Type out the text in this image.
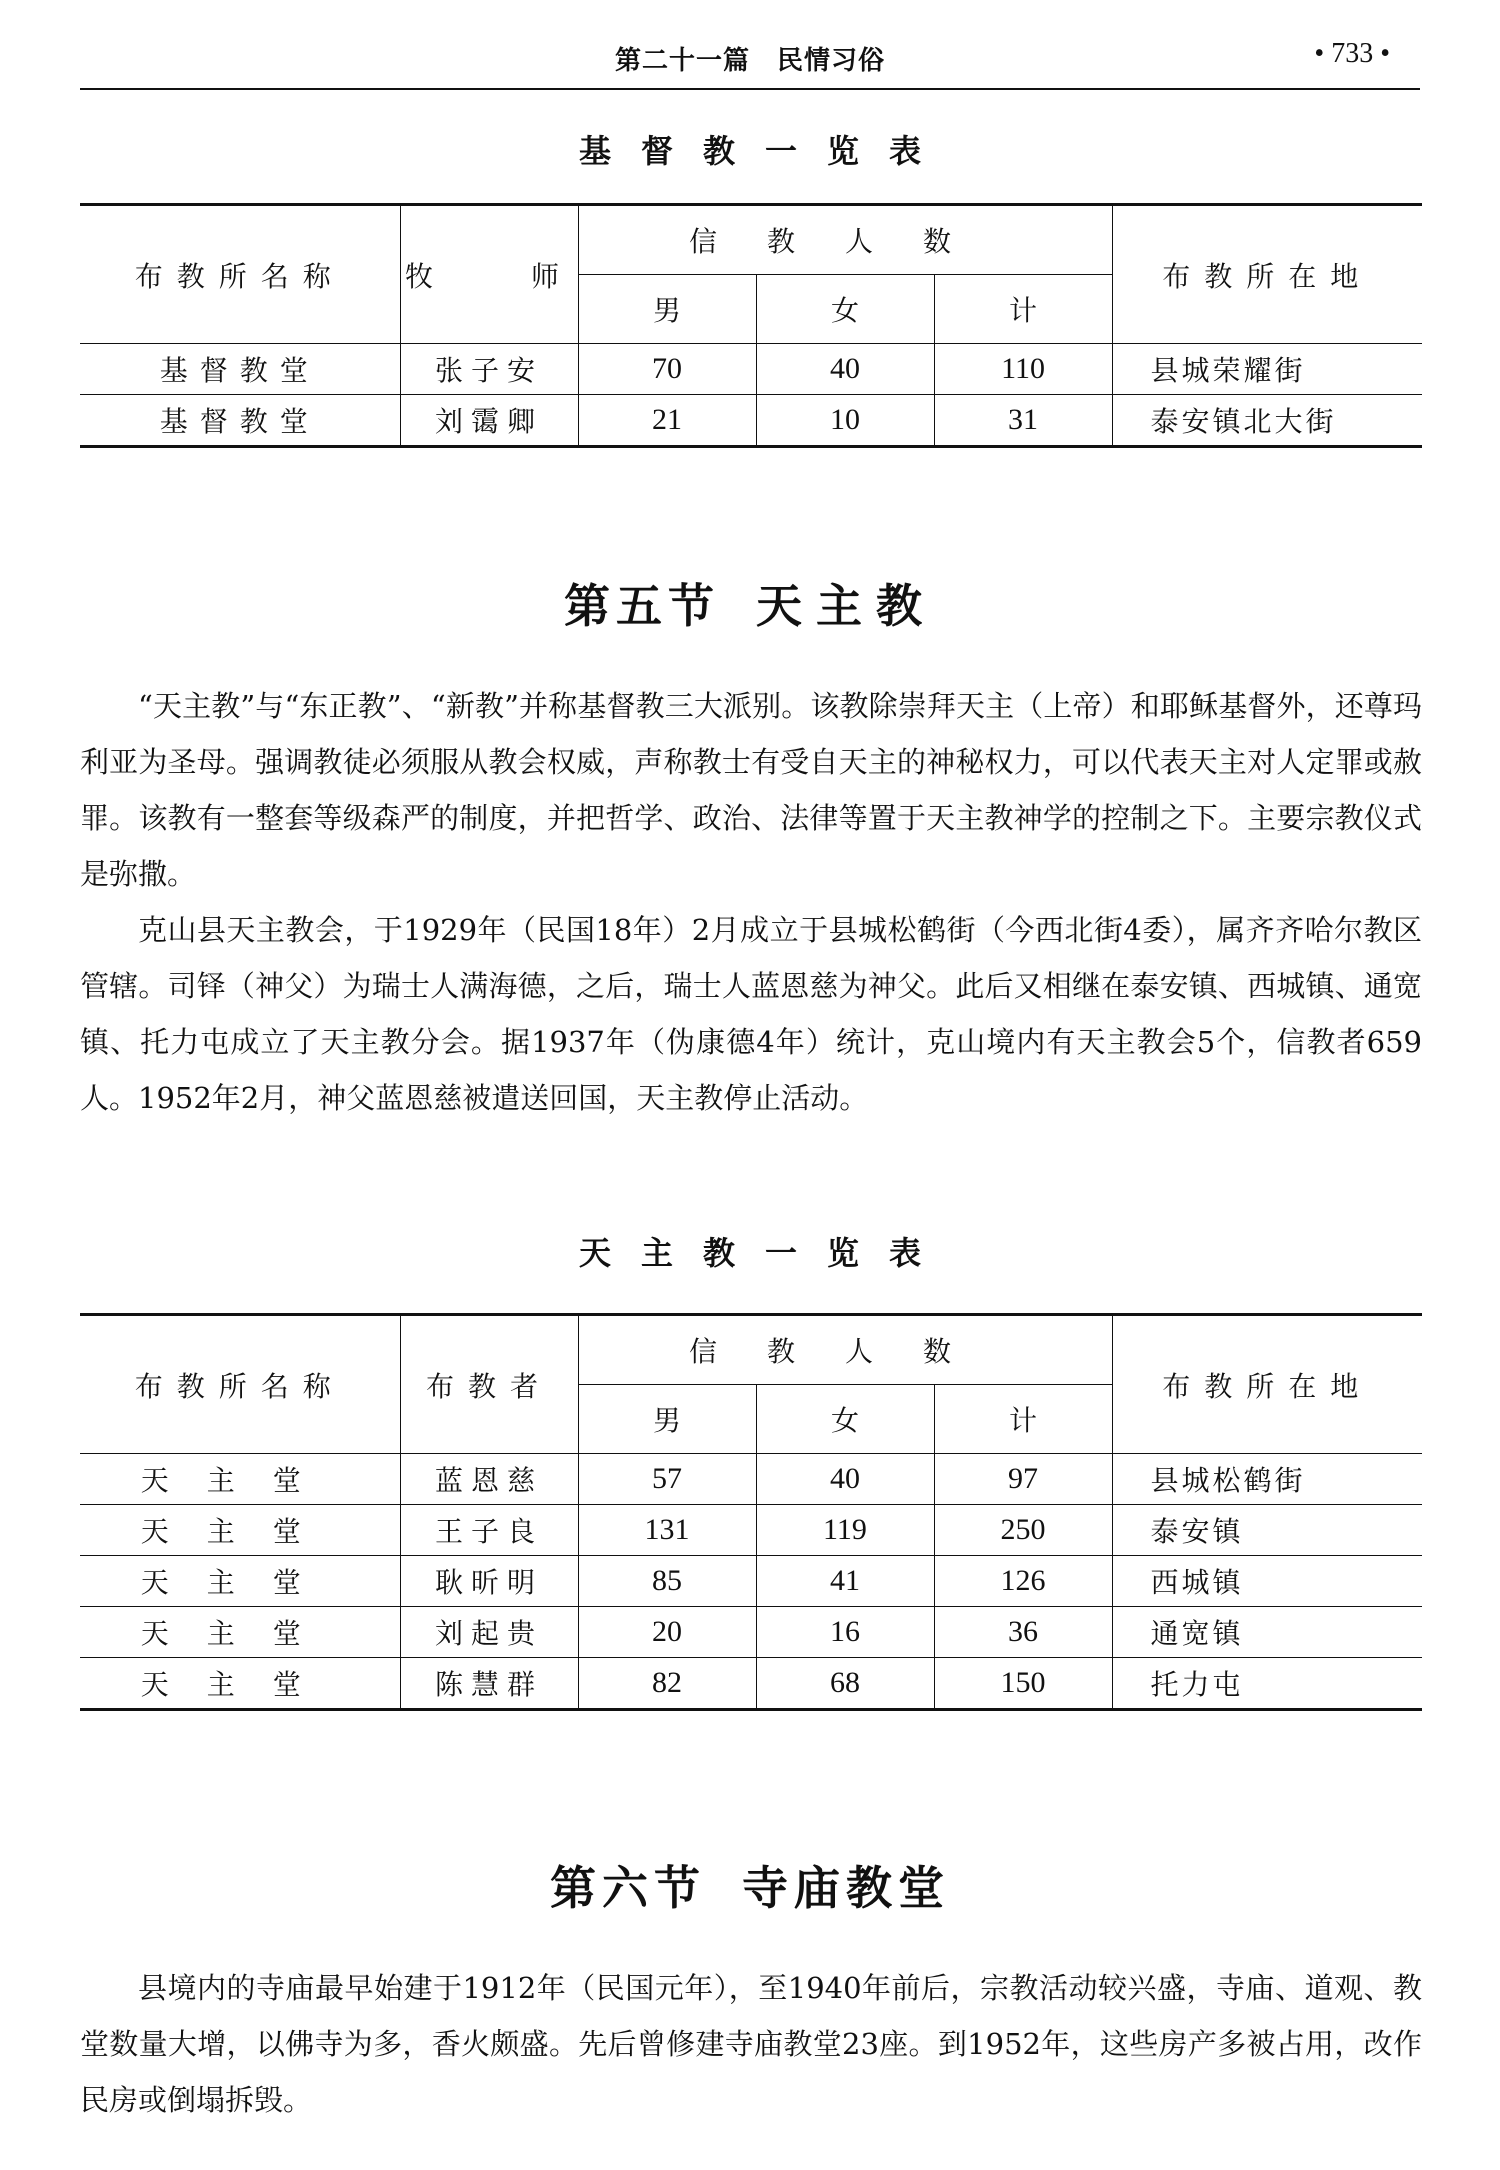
第二十一篇　民情习俗	• 733 •
基督教一览表
布教所名称	牧　　师	信教人数			布教所在地
		男	女	计	
基督教堂	张子安	70	40	110	县城荣耀街
基督教堂	刘霭卿	21	10	31	泰安镇北大街
第五节 天主教

“天主教”与“东正教”、“新教”并称基督教三大派别。该教除崇拜天主（上帝）和耶稣基督外，还尊玛利亚为圣母。强调教徒必须服从教会权威，声称教士有受自天主的神秘权力，可以代表天主对人定罪或赦罪。该教有一整套等级森严的制度，并把哲学、政治、法律等置于天主教神学的控制之下。主要宗教仪式是弥撒。

克山县天主教会，于1929年（民国18年）2月成立于县城松鹤街（今西北街4委），属齐齐哈尔教区管辖。司铎（神父）为瑞士人满海德，之后，瑞士人蓝恩慈为神父。此后又相继在泰安镇、西城镇、通宽镇、托力屯成立了天主教分会。据1937年（伪康德4年）统计，克山境内有天主教会5个，信教者659人。1952年2月，神父蓝恩慈被遣送回国，天主教停止活动。

天主教一览表
布教所名称	布教者	信教人数			布教所在地
		男	女	计	
天主堂	蓝恩慈	57	40	97	县城松鹤街
天主堂	王子良	131	119	250	泰安镇
天主堂	耿昕明	85	41	126	西城镇
天主堂	刘起贵	20	16	36	通宽镇
天主堂	陈慧群	82	68	150	托力屯
第六节 寺庙教堂

县境内的寺庙最早始建于1912年（民国元年），至1940年前后，宗教活动较兴盛，寺庙、道观、教堂数量大增，以佛寺为多，香火颇盛。先后曾修建寺庙教堂23座。到1952年，这些房产多被占用，改作民房或倒塌拆毁。
